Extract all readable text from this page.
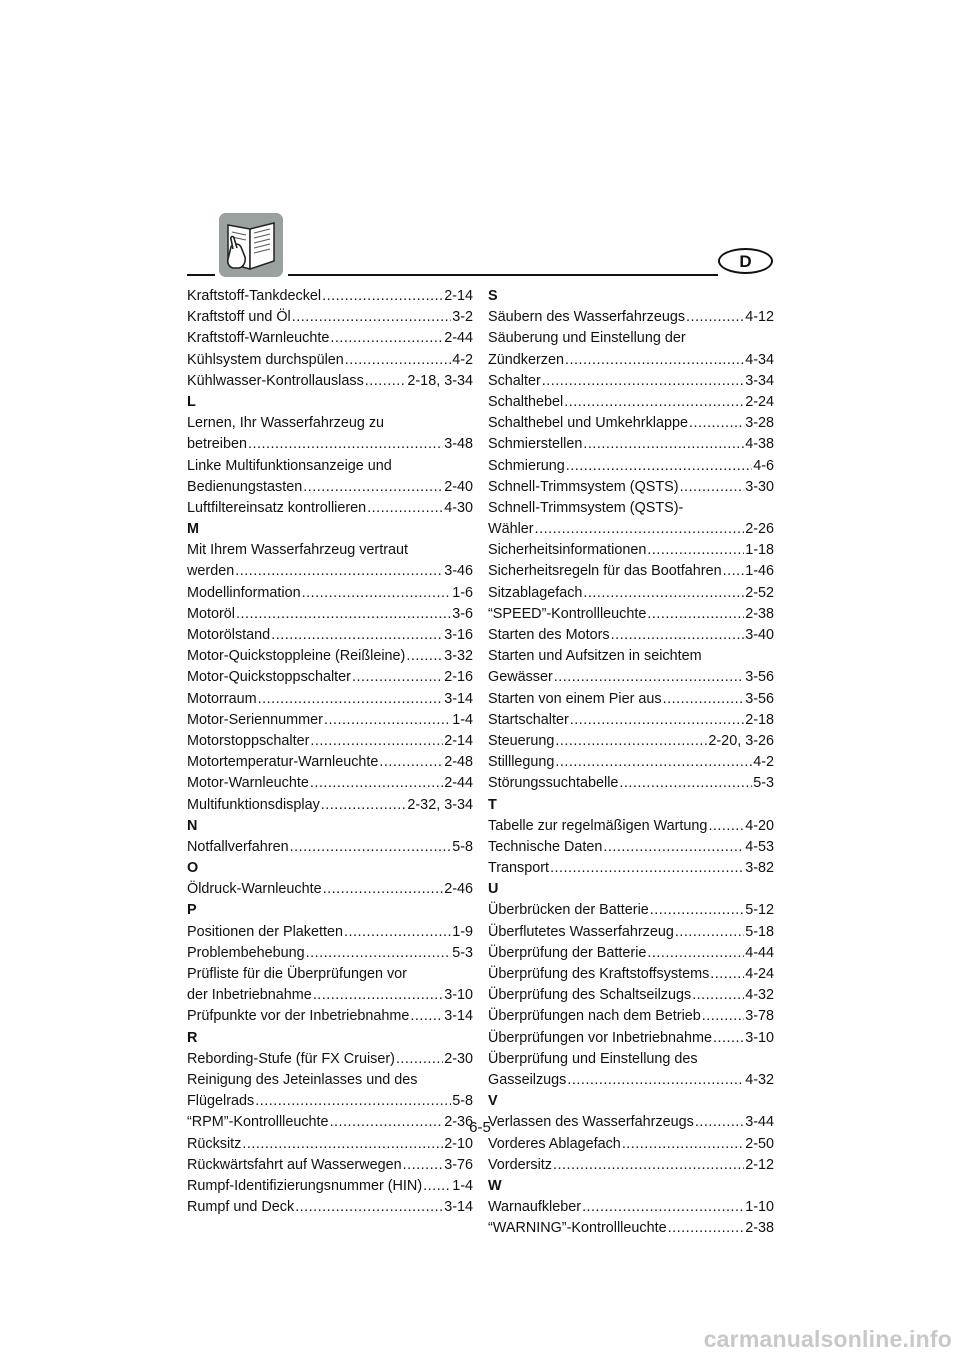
D
Kraftstoff-Tankdeckel .....	2-14
Kraftstoff und Öl .....	3-2
Kraftstoff-Warnleuchte .....	2-44
Kühlsystem durchspülen .....	4-2
Kühlwasser-Kontrollauslass .....	2-18, 3-34
L
Lernen, Ihr Wasserfahrzeug zu
betreiben .....	3-48
Linke Multifunktionsanzeige und
Bedienungstasten .....	2-40
Luftfiltereinsatz kontrollieren .....	4-30
M
Mit Ihrem Wasserfahrzeug vertraut
werden .....	3-46
Modellinformation .....	1-6
Motoröl .....	3-6
Motorölstand .....	3-16
Motor-Quickstoppleine (Reißleine) .....	3-32
Motor-Quickstoppschalter .....	2-16
Motorraum .....	3-14
Motor-Seriennummer .....	1-4
Motorstoppschalter .....	2-14
Motortemperatur-Warnleuchte .....	2-48
Motor-Warnleuchte .....	2-44
Multifunktionsdisplay .....	2-32, 3-34
N
Notfallverfahren .....	5-8
O
Öldruck-Warnleuchte .....	2-46
P
Positionen der Plaketten .....	1-9
Problembehebung .....	5-3
Prüfliste für die Überprüfungen vor
der Inbetriebnahme .....	3-10
Prüfpunkte vor der Inbetriebnahme ..... 3-14
R
Rebording-Stufe (für FX Cruiser) .....	2-30
Reinigung des Jeteinlasses und des
Flügelrads .....	5-8
“RPM”-Kontrollleuchte .....	2-36
Rücksitz .....	2-10
Rückwärtsfahrt auf Wasserwegen .....	3-76
Rumpf-Identifizierungsnummer (HIN) ..... 1-4
Rumpf und Deck .....	3-14
S
Säubern des Wasserfahrzeugs .....	4-12
Säuberung und Einstellung der
Zündkerzen .....	4-34
Schalter .....	3-34
Schalthebel .....	2-24
Schalthebel und Umkehrklappe .....	3-28
Schmierstellen .....	4-38
Schmierung .....	4-6
Schnell-Trimmsystem (QSTS) .....	3-30
Schnell-Trimmsystem (QSTS)-
Wähler .....	2-26
Sicherheitsinformationen .....	1-18
Sicherheitsregeln für das Bootfahren ..... 1-46
Sitzablagefach .....	2-52
“SPEED”-Kontrollleuchte .....	2-38
Starten des Motors .....	3-40
Starten und Aufsitzen in seichtem
Gewässer .....	3-56
Starten von einem Pier aus .....	3-56
Startschalter .....	2-18
Steuerung .....	2-20, 3-26
Stilllegung .....	4-2
Störungssuchtabelle .....	5-3
T
Tabelle zur regelmäßigen Wartung .....	4-20
Technische Daten .....	4-53
Transport .....	3-82
U
Überbrücken der Batterie .....	5-12
Überflutetes Wasserfahrzeug .....	5-18
Überprüfung der Batterie .....	4-44
Überprüfung des Kraftstoffsystems ..... 4-24
Überprüfung des Schaltseilzugs .....	4-32
Überprüfungen nach dem Betrieb .....	3-78
Überprüfungen vor Inbetriebnahme ..... 3-10
Überprüfung und Einstellung des
Gasseilzugs .....	4-32
V
Verlassen des Wasserfahrzeugs .....	3-44
Vorderes Ablagefach .....	2-50
Vordersitz .....	2-12
W
Warnaufkleber .....	1-10
“WARNING”-Kontrollleuchte .....	2-38
6-5
carmanualsonline.info
